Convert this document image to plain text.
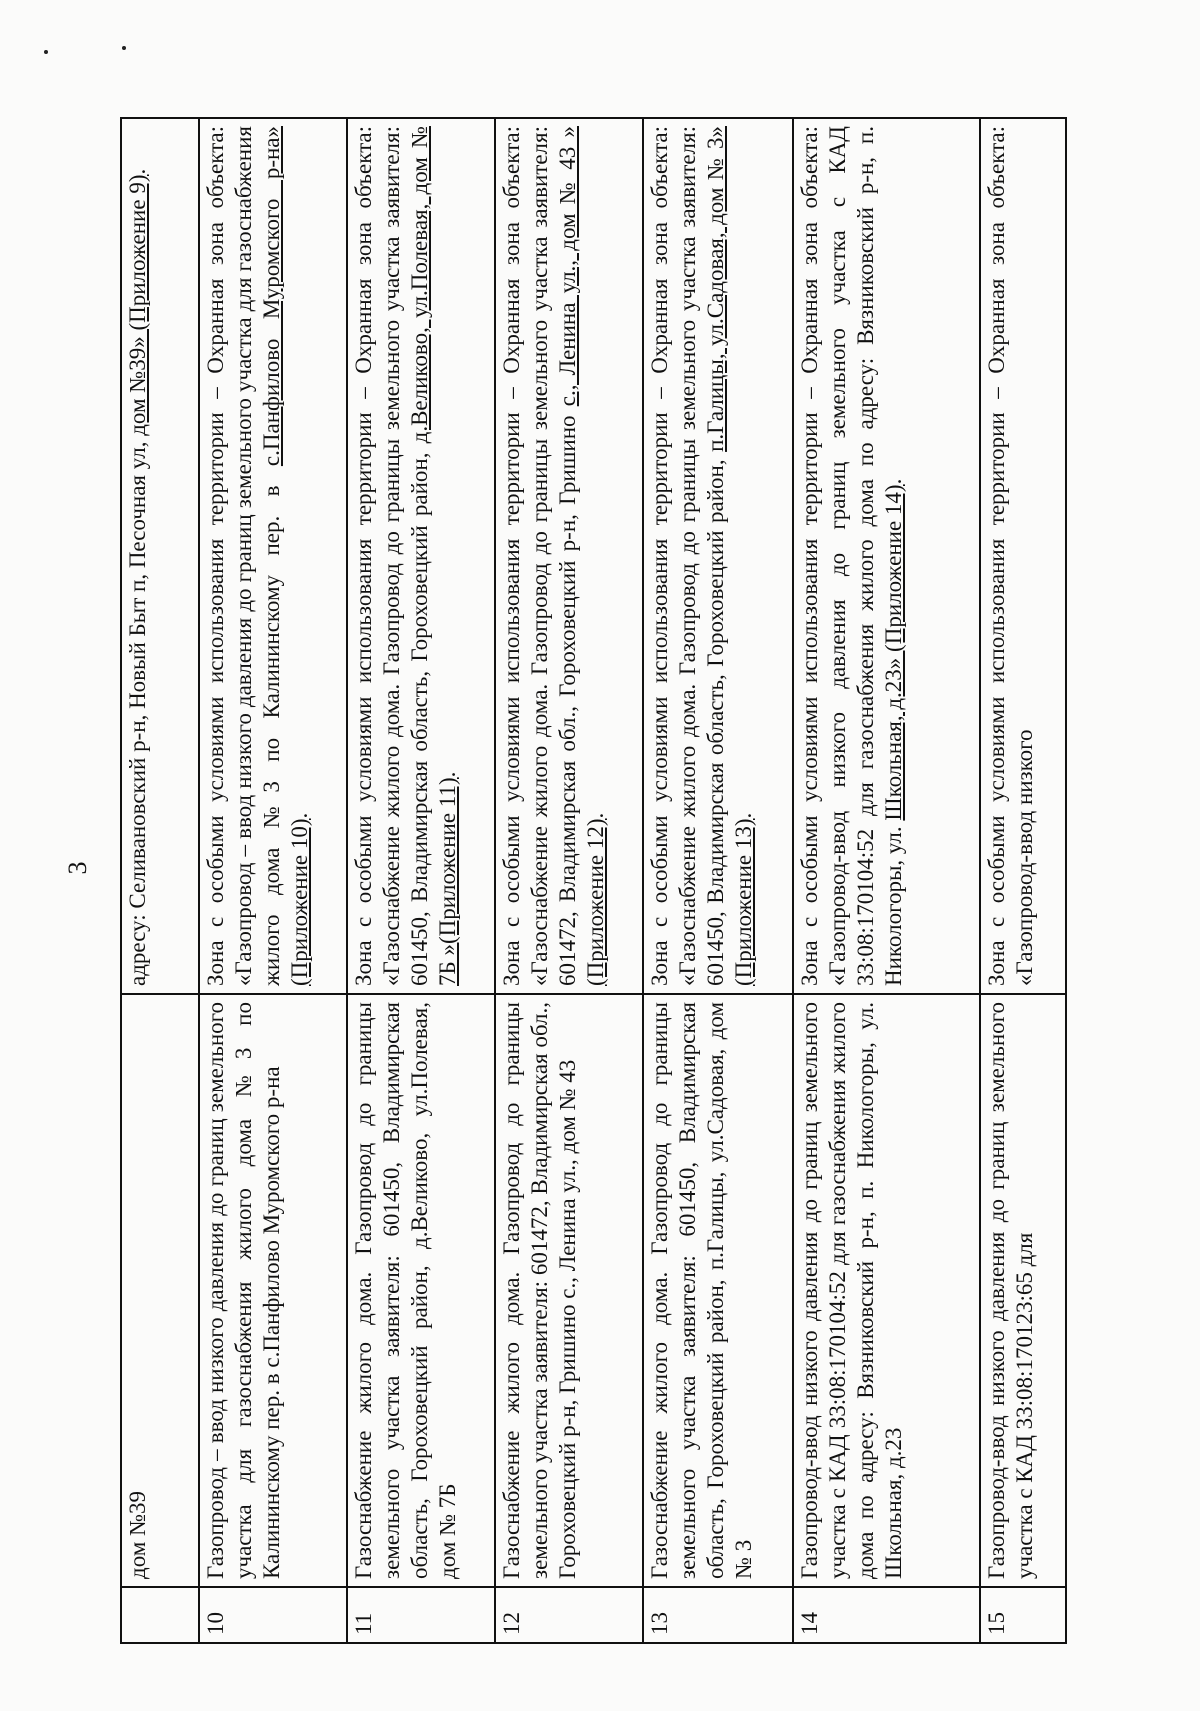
3
	дом №39	адресу: Селивановский р-н, Новый Быт п, Песочная ул, дом №39» (Приложение 9).
10	Газопровод – ввод низкого давления до границ земельного участка для газоснабжения жилого дома №3 по Калининскому пер. в с.Панфилово Муромского р-на	Зона с особыми условиями использования территории – Охранная зона объекта: «Газопровод – ввод низкого давления до границ земельного участка для газоснабжения жилого дома №3 по Калининскому пер. в с.Панфилово Муромского р-на» (Приложение 10).
11	Газоснабжение жилого дома. Газопровод до границы земельного участка заявителя: 601450, Владимирская область, Гороховецкий район, д.Великово, ул.Полевая, дом № 7Б	Зона с особыми условиями использования территории – Охранная зона объекта: «Газоснабжение жилого дома. Газопровод до границы земельного участка заявителя: 601450, Владимирская область, Гороховецкий район, д.Великово, ул.Полевая, дом № 7Б »(Приложение 11).
12	Газоснабжение жилого дома. Газопровод до границы земельного участка заявителя: 601472, Владимирская обл., Гороховецкий р-н, Гришино с., Ленина ул., дом № 43	Зона с особыми условиями использования территории – Охранная зона объекта: «Газоснабжение жилого дома. Газопровод до границы земельного участка заявителя: 601472, Владимирская обл., Гороховецкий р-н, Гришино с., Ленина ул., дом № 43 » (Приложение 12).
13	Газоснабжение жилого дома. Газопровод до границы земельного участка заявителя: 601450, Владимирская область, Гороховецкий район, п.Галицы, ул.Садовая, дом № 3	Зона с особыми условиями использования территории – Охранная зона объекта: «Газоснабжение жилого дома. Газопровод до границы земельного участка заявителя: 601450, Владимирская область, Гороховецкий район, п.Галицы, ул.Садовая, дом № 3» (Приложение 13).
14	Газопровод-ввод низкого давления до границ земельного участка с КАД 33:08:170104:52 для газоснабжения жилого дома по адресу: Вязниковский р-н, п. Никологоры, ул. Школьная, д.23	Зона с особыми условиями использования территории – Охранная зона объекта: «Газопровод-ввод низкого давления до границ земельного участка с КАД 33:08:170104:52 для газоснабжения жилого дома по адресу: Вязниковский р-н, п. Никологоры, ул. Школьная, д.23» (Приложение 14).
15	Газопровод-ввод низкого давления до границ земельного участка с КАД 33:08:170123:65 для	Зона с особыми условиями использования территории – Охранная зона объекта: «Газопровод-ввод низкого
